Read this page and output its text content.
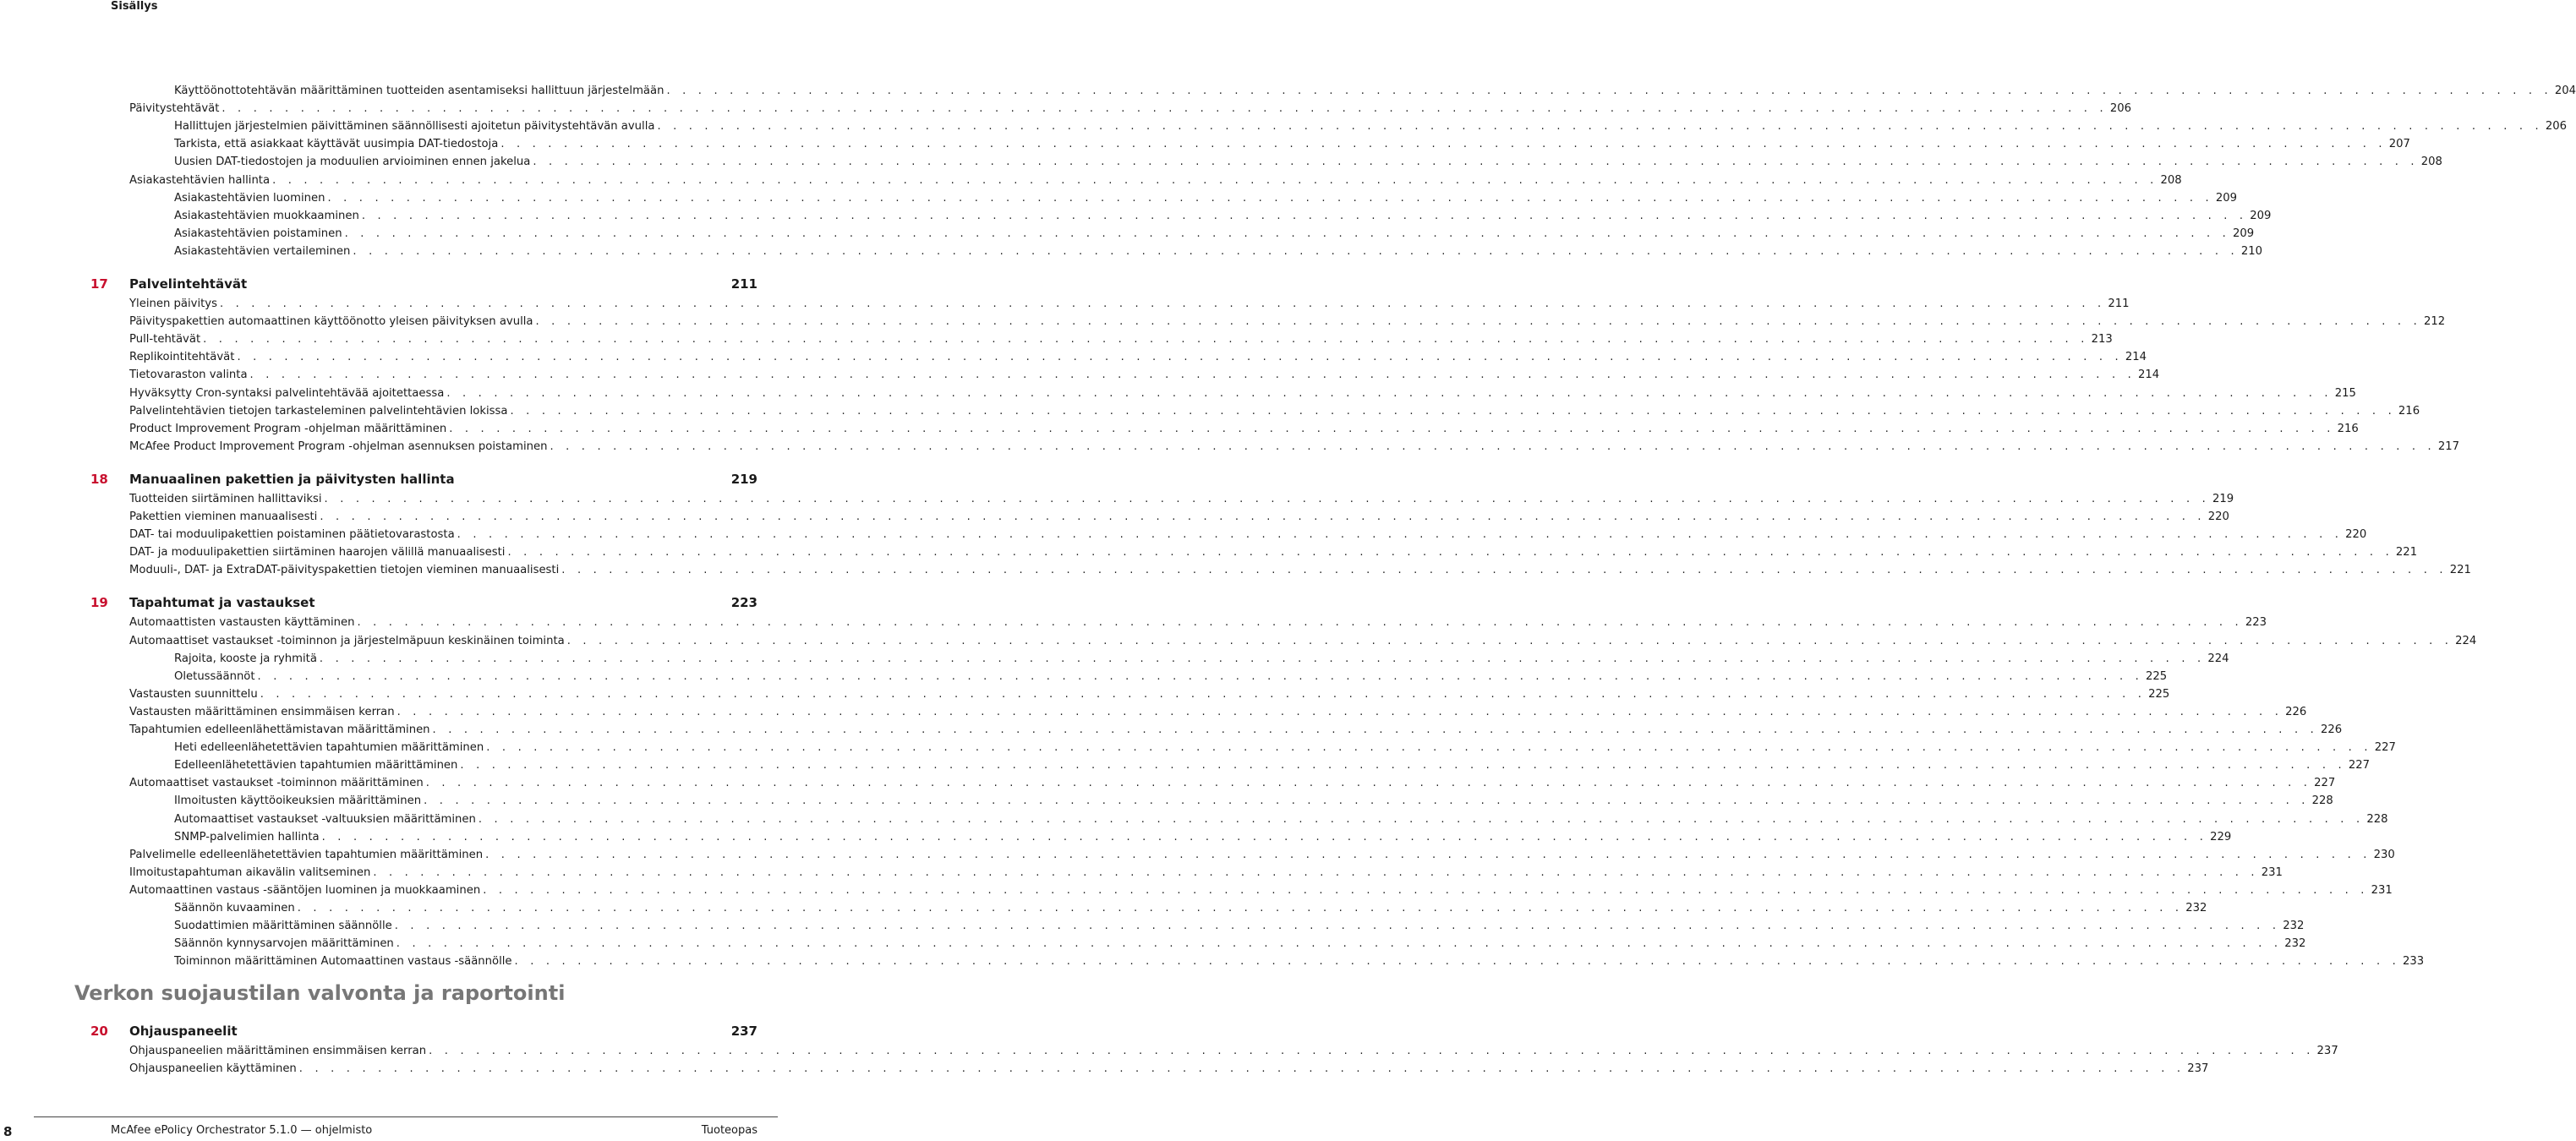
Sisällys
Käyttöönottotehtävän määrittäminen tuotteiden asentamiseksi hallittuun järjestelmään . . . . . . . . . . . . . . . . . . . . . . . . . . . . . . . . . . . . . . . . . . . . . . . . . . . . . . . . . . . . . . . . . . . . . . . . . . . . . . . . . . . . . . . . . . . . . . . . . . . . . . . . . . . . . . . . . . . . . . . . 204
Päivitystehtävät . . . . . . . . . . . . . . . . . . . . . . . . . . . . . . . . . . . . . . . . . . . . . . . . . . . . . . . . . . . . . . . . . . . . . . . . . . . . . . . . . . . . . . . . . . . . . . . . . . . . . . . . . . . . . . . . . . . . . . . . 206
Hallittujen järjestelmien päivittäminen säännöllisesti ajoitetun päivitystehtävän avulla . . . . . . . . . . . . . . . . . . . . . . . . . . . . . . . . . . . . . . . . . . . . . . . . . . . . . . . . . . . . . . . . . . . . . . . . . . . . . . . . . . . . . . . . . . . . . . . . . . . . . . . . . . . . . . . . . . . . . . . . 206
Tarkista, että asiakkaat käyttävät uusimpia DAT-tiedostoja . . . . . . . . . . . . . . . . . . . . . . . . . . . . . . . . . . . . . . . . . . . . . . . . . . . . . . . . . . . . . . . . . . . . . . . . . . . . . . . . . . . . . . . . . . . . . . . . . . . . . . . . . . . . . . . . . . . . . . . . 207
Uusien DAT-tiedostojen ja moduulien arvioiminen ennen jakelua . . . . . . . . . . . . . . . . . . . . . . . . . . . . . . . . . . . . . . . . . . . . . . . . . . . . . . . . . . . . . . . . . . . . . . . . . . . . . . . . . . . . . . . . . . . . . . . . . . . . . . . . . . . . . . . . . . . . . . . . 208
Asiakastehtävien hallinta . . . . . . . . . . . . . . . . . . . . . . . . . . . . . . . . . . . . . . . . . . . . . . . . . . . . . . . . . . . . . . . . . . . . . . . . . . . . . . . . . . . . . . . . . . . . . . . . . . . . . . . . . . . . . . . . . . . . . . . . 208
Asiakastehtävien luominen . . . . . . . . . . . . . . . . . . . . . . . . . . . . . . . . . . . . . . . . . . . . . . . . . . . . . . . . . . . . . . . . . . . . . . . . . . . . . . . . . . . . . . . . . . . . . . . . . . . . . . . . . . . . . . . . . . . . . . . . 209
Asiakastehtävien muokkaaminen . . . . . . . . . . . . . . . . . . . . . . . . . . . . . . . . . . . . . . . . . . . . . . . . . . . . . . . . . . . . . . . . . . . . . . . . . . . . . . . . . . . . . . . . . . . . . . . . . . . . . . . . . . . . . . . . . . . . . . . . 209
Asiakastehtävien poistaminen . . . . . . . . . . . . . . . . . . . . . . . . . . . . . . . . . . . . . . . . . . . . . . . . . . . . . . . . . . . . . . . . . . . . . . . . . . . . . . . . . . . . . . . . . . . . . . . . . . . . . . . . . . . . . . . . . . . . . . . . 209
Asiakastehtävien vertaileminen . . . . . . . . . . . . . . . . . . . . . . . . . . . . . . . . . . . . . . . . . . . . . . . . . . . . . . . . . . . . . . . . . . . . . . . . . . . . . . . . . . . . . . . . . . . . . . . . . . . . . . . . . . . . . . . . . . . . . . . . 210
17	Palvelintehtävät	211
Yleinen päivitys . . . . . . . . . . . . . . . . . . . . . . . . . . . . . . . . . . . . . . . . . . . . . . . . . . . . . . . . . . . . . . . . . . . . . . . . . . . . . . . . . . . . . . . . . . . . . . . . . . . . . . . . . . . . . . . . . . . . . . . . 211
Päivityspakettien automaattinen käyttöönotto yleisen päivityksen avulla . . . . . . . . . . . . . . . . . . . . . . . . . . . . . . . . . . . . . . . . . . . . . . . . . . . . . . . . . . . . . . . . . . . . . . . . . . . . . . . . . . . . . . . . . . . . . . . . . . . . . . . . . . . . . . . . . . . . . . . . 212
Pull-tehtävät . . . . . . . . . . . . . . . . . . . . . . . . . . . . . . . . . . . . . . . . . . . . . . . . . . . . . . . . . . . . . . . . . . . . . . . . . . . . . . . . . . . . . . . . . . . . . . . . . . . . . . . . . . . . . . . . . . . . . . . . 213
Replikointitehtävät . . . . . . . . . . . . . . . . . . . . . . . . . . . . . . . . . . . . . . . . . . . . . . . . . . . . . . . . . . . . . . . . . . . . . . . . . . . . . . . . . . . . . . . . . . . . . . . . . . . . . . . . . . . . . . . . . . . . . . . . 214
Tietovaraston valinta . . . . . . . . . . . . . . . . . . . . . . . . . . . . . . . . . . . . . . . . . . . . . . . . . . . . . . . . . . . . . . . . . . . . . . . . . . . . . . . . . . . . . . . . . . . . . . . . . . . . . . . . . . . . . . . . . . . . . . . . 214
Hyväksytty Cron-syntaksi palvelintehtävää ajoitettaessa . . . . . . . . . . . . . . . . . . . . . . . . . . . . . . . . . . . . . . . . . . . . . . . . . . . . . . . . . . . . . . . . . . . . . . . . . . . . . . . . . . . . . . . . . . . . . . . . . . . . . . . . . . . . . . . . . . . . . . . . 215
Palvelintehtävien tietojen tarkasteleminen palvelintehtävien lokissa . . . . . . . . . . . . . . . . . . . . . . . . . . . . . . . . . . . . . . . . . . . . . . . . . . . . . . . . . . . . . . . . . . . . . . . . . . . . . . . . . . . . . . . . . . . . . . . . . . . . . . . . . . . . . . . . . . . . . . . . 216
Product Improvement Program -ohjelman määrittäminen . . . . . . . . . . . . . . . . . . . . . . . . . . . . . . . . . . . . . . . . . . . . . . . . . . . . . . . . . . . . . . . . . . . . . . . . . . . . . . . . . . . . . . . . . . . . . . . . . . . . . . . . . . . . . . . . . . . . . . . . 216
McAfee Product Improvement Program -ohjelman asennuksen poistaminen . . . . . . . . . . . . . . . . . . . . . . . . . . . . . . . . . . . . . . . . . . . . . . . . . . . . . . . . . . . . . . . . . . . . . . . . . . . . . . . . . . . . . . . . . . . . . . . . . . . . . . . . . . . . . . . . . . . . . . . . 217
18	Manuaalinen pakettien ja päivitysten hallinta	219
Tuotteiden siirtäminen hallittaviksi . . . . . . . . . . . . . . . . . . . . . . . . . . . . . . . . . . . . . . . . . . . . . . . . . . . . . . . . . . . . . . . . . . . . . . . . . . . . . . . . . . . . . . . . . . . . . . . . . . . . . . . . . . . . . . . . . . . . . . . . 219
Pakettien vieminen manuaalisesti . . . . . . . . . . . . . . . . . . . . . . . . . . . . . . . . . . . . . . . . . . . . . . . . . . . . . . . . . . . . . . . . . . . . . . . . . . . . . . . . . . . . . . . . . . . . . . . . . . . . . . . . . . . . . . . . . . . . . . . . 220
DAT- tai moduulipakettien poistaminen päätietovarastosta . . . . . . . . . . . . . . . . . . . . . . . . . . . . . . . . . . . . . . . . . . . . . . . . . . . . . . . . . . . . . . . . . . . . . . . . . . . . . . . . . . . . . . . . . . . . . . . . . . . . . . . . . . . . . . . . . . . . . . . . 220
DAT- ja moduulipakettien siirtäminen haarojen välillä manuaalisesti . . . . . . . . . . . . . . . . . . . . . . . . . . . . . . . . . . . . . . . . . . . . . . . . . . . . . . . . . . . . . . . . . . . . . . . . . . . . . . . . . . . . . . . . . . . . . . . . . . . . . . . . . . . . . . . . . . . . . . . . 221
Moduuli-, DAT- ja ExtraDAT-päivityspakettien tietojen vieminen manuaalisesti . . . . . . . . . . . . . . . . . . . . . . . . . . . . . . . . . . . . . . . . . . . . . . . . . . . . . . . . . . . . . . . . . . . . . . . . . . . . . . . . . . . . . . . . . . . . . . . . . . . . . . . . . . . . . . . . . . . . . . . . 221
19	Tapahtumat ja vastaukset	223
Automaattisten vastausten käyttäminen . . . . . . . . . . . . . . . . . . . . . . . . . . . . . . . . . . . . . . . . . . . . . . . . . . . . . . . . . . . . . . . . . . . . . . . . . . . . . . . . . . . . . . . . . . . . . . . . . . . . . . . . . . . . . . . . . . . . . . . . 223
Automaattiset vastaukset -toiminnon ja järjestelmäpuun keskinäinen toiminta . . . . . . . . . . . . . . . . . . . . . . . . . . . . . . . . . . . . . . . . . . . . . . . . . . . . . . . . . . . . . . . . . . . . . . . . . . . . . . . . . . . . . . . . . . . . . . . . . . . . . . . . . . . . . . . . . . . . . . . . 224
Rajoita, kooste ja ryhmitä . . . . . . . . . . . . . . . . . . . . . . . . . . . . . . . . . . . . . . . . . . . . . . . . . . . . . . . . . . . . . . . . . . . . . . . . . . . . . . . . . . . . . . . . . . . . . . . . . . . . . . . . . . . . . . . . . . . . . . . . 224
Oletussäännöt . . . . . . . . . . . . . . . . . . . . . . . . . . . . . . . . . . . . . . . . . . . . . . . . . . . . . . . . . . . . . . . . . . . . . . . . . . . . . . . . . . . . . . . . . . . . . . . . . . . . . . . . . . . . . . . . . . . . . . . . 225
Vastausten suunnittelu . . . . . . . . . . . . . . . . . . . . . . . . . . . . . . . . . . . . . . . . . . . . . . . . . . . . . . . . . . . . . . . . . . . . . . . . . . . . . . . . . . . . . . . . . . . . . . . . . . . . . . . . . . . . . . . . . . . . . . . . 225
Vastausten määrittäminen ensimmäisen kerran . . . . . . . . . . . . . . . . . . . . . . . . . . . . . . . . . . . . . . . . . . . . . . . . . . . . . . . . . . . . . . . . . . . . . . . . . . . . . . . . . . . . . . . . . . . . . . . . . . . . . . . . . . . . . . . . . . . . . . . . 226
Tapahtumien edelleenlähettämistavan määrittäminen . . . . . . . . . . . . . . . . . . . . . . . . . . . . . . . . . . . . . . . . . . . . . . . . . . . . . . . . . . . . . . . . . . . . . . . . . . . . . . . . . . . . . . . . . . . . . . . . . . . . . . . . . . . . . . . . . . . . . . . . 226
Heti edelleenlähetettävien tapahtumien määrittäminen . . . . . . . . . . . . . . . . . . . . . . . . . . . . . . . . . . . . . . . . . . . . . . . . . . . . . . . . . . . . . . . . . . . . . . . . . . . . . . . . . . . . . . . . . . . . . . . . . . . . . . . . . . . . . . . . . . . . . . . . 227
Edelleenlähetettävien tapahtumien määrittäminen . . . . . . . . . . . . . . . . . . . . . . . . . . . . . . . . . . . . . . . . . . . . . . . . . . . . . . . . . . . . . . . . . . . . . . . . . . . . . . . . . . . . . . . . . . . . . . . . . . . . . . . . . . . . . . . . . . . . . . . . 227
Automaattiset vastaukset -toiminnon määrittäminen . . . . . . . . . . . . . . . . . . . . . . . . . . . . . . . . . . . . . . . . . . . . . . . . . . . . . . . . . . . . . . . . . . . . . . . . . . . . . . . . . . . . . . . . . . . . . . . . . . . . . . . . . . . . . . . . . . . . . . . . 227
Ilmoitusten käyttöoikeuksien määrittäminen . . . . . . . . . . . . . . . . . . . . . . . . . . . . . . . . . . . . . . . . . . . . . . . . . . . . . . . . . . . . . . . . . . . . . . . . . . . . . . . . . . . . . . . . . . . . . . . . . . . . . . . . . . . . . . . . . . . . . . . . 228
Automaattiset vastaukset -valtuuksien määrittäminen . . . . . . . . . . . . . . . . . . . . . . . . . . . . . . . . . . . . . . . . . . . . . . . . . . . . . . . . . . . . . . . . . . . . . . . . . . . . . . . . . . . . . . . . . . . . . . . . . . . . . . . . . . . . . . . . . . . . . . . . 228
SNMP-palvelimien hallinta . . . . . . . . . . . . . . . . . . . . . . . . . . . . . . . . . . . . . . . . . . . . . . . . . . . . . . . . . . . . . . . . . . . . . . . . . . . . . . . . . . . . . . . . . . . . . . . . . . . . . . . . . . . . . . . . . . . . . . . . 229
Palvelimelle edelleenlähetettävien tapahtumien määrittäminen . . . . . . . . . . . . . . . . . . . . . . . . . . . . . . . . . . . . . . . . . . . . . . . . . . . . . . . . . . . . . . . . . . . . . . . . . . . . . . . . . . . . . . . . . . . . . . . . . . . . . . . . . . . . . . . . . . . . . . . . 230
Ilmoitustapahtuman aikavälin valitseminen . . . . . . . . . . . . . . . . . . . . . . . . . . . . . . . . . . . . . . . . . . . . . . . . . . . . . . . . . . . . . . . . . . . . . . . . . . . . . . . . . . . . . . . . . . . . . . . . . . . . . . . . . . . . . . . . . . . . . . . . 231
Automaattinen vastaus -sääntöjen luominen ja muokkaaminen . . . . . . . . . . . . . . . . . . . . . . . . . . . . . . . . . . . . . . . . . . . . . . . . . . . . . . . . . . . . . . . . . . . . . . . . . . . . . . . . . . . . . . . . . . . . . . . . . . . . . . . . . . . . . . . . . . . . . . . . 231
Säännön kuvaaminen . . . . . . . . . . . . . . . . . . . . . . . . . . . . . . . . . . . . . . . . . . . . . . . . . . . . . . . . . . . . . . . . . . . . . . . . . . . . . . . . . . . . . . . . . . . . . . . . . . . . . . . . . . . . . . . . . . . . . . . . 232
Suodattimien määrittäminen säännölle . . . . . . . . . . . . . . . . . . . . . . . . . . . . . . . . . . . . . . . . . . . . . . . . . . . . . . . . . . . . . . . . . . . . . . . . . . . . . . . . . . . . . . . . . . . . . . . . . . . . . . . . . . . . . . . . . . . . . . . . 232
Säännön kynnysarvojen määrittäminen . . . . . . . . . . . . . . . . . . . . . . . . . . . . . . . . . . . . . . . . . . . . . . . . . . . . . . . . . . . . . . . . . . . . . . . . . . . . . . . . . . . . . . . . . . . . . . . . . . . . . . . . . . . . . . . . . . . . . . . . 232
Toiminnon määrittäminen Automaattinen vastaus -säännölle . . . . . . . . . . . . . . . . . . . . . . . . . . . . . . . . . . . . . . . . . . . . . . . . . . . . . . . . . . . . . . . . . . . . . . . . . . . . . . . . . . . . . . . . . . . . . . . . . . . . . . . . . . . . . . . . . . . . . . . . 233
Verkon suojaustilan valvonta ja raportointi
20	Ohjauspaneelit	237
Ohjauspaneelien määrittäminen ensimmäisen kerran . . . . . . . . . . . . . . . . . . . . . . . . . . . . . . . . . . . . . . . . . . . . . . . . . . . . . . . . . . . . . . . . . . . . . . . . . . . . . . . . . . . . . . . . . . . . . . . . . . . . . . . . . . . . . . . . . . . . . . . . 237
Ohjauspaneelien käyttäminen . . . . . . . . . . . . . . . . . . . . . . . . . . . . . . . . . . . . . . . . . . . . . . . . . . . . . . . . . . . . . . . . . . . . . . . . . . . . . . . . . . . . . . . . . . . . . . . . . . . . . . . . . . . . . . . . . . . . . . . . 237
8	McAfee ePolicy Orchestrator 5.1.0 — ohjelmisto	Tuoteopas
